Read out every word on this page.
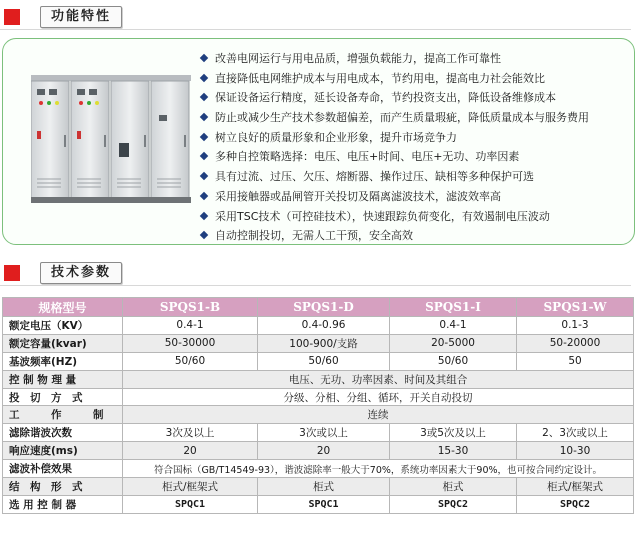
功能特性
改善电网运行与用电品质，增强负载能力，提高工作可靠性
直接降低电网维护成本与用电成本，节约用电，提高电力社会能效比
保证设备运行精度，延长设备寿命，节约投资支出，降低设备维修成本
防止或减少生产技术参数超偏差，而产生质量瑕疵，降低质量成本与服务费用
树立良好的质量形象和企业形象，提升市场竞争力
多种自控策略选择：电压、电压+时间、电压+无功、功率因素
具有过流、过压、欠压、熔断器、操作过压、缺相等多种保护可选
采用接触器或晶闸管开关投切及隔离滤波技术，滤波效率高
采用TSC技术（可控硅技术），快速跟踪负荷变化，有效遏制电压波动
自动控制投切，无需人工干预，安全高效
技术参数
规格型号	SPQS1-B	SPQS1-D	SPQS1-I	SPQS1-W
额定电压（KV）	0.4-1	0.4-0.96	0.4-1	0.1-3
额定容量(kvar)	50-30000	100-900/支路	20-5000	50-20000
基波频率(HZ)	50/60	50/60	50/60	50
控 制 物 理 量	电压、无功、功率因素、时间及其组合			
投　切　方　式	分级、分相、分组、循环，开关自动投切			
工　　　作　　　制	连续			
滤除谐波次数	3次及以上	3次或以上	3或5次及以上	2、3次或以上
响应速度(ms)	20	20	15-30	10-30
滤波补偿效果	符合国标（GB/T14549-93），谐波滤除率一般大于70%，系统功率因素大于90%，也可按合同约定设计。			
结　构　形　式	柜式/框架式	柜式	柜式	柜式/框架式
选 用 控 制 器	SPQC1	SPQC1	SPQC2	SPQC2
